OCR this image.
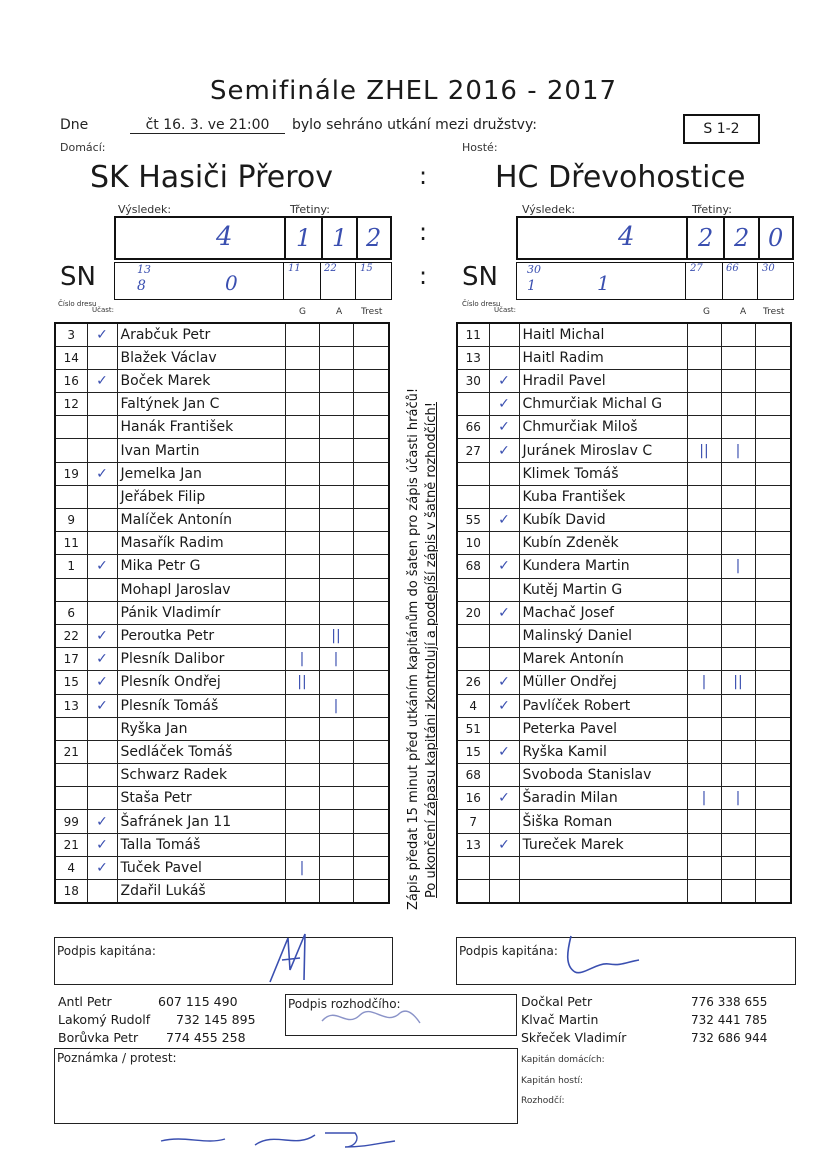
Semifinále ZHEL 2016 - 2017
Dne	čt 16. 3. ve 21:00	bylo sehráno utkání mezi družstvy:	S 1-2
Domácí:	Hosté:
SK Hasiči Přerov	HC Dřevohostice
:
:
:
Výsledek:	Třetiny:
4	1 1 2
SN	13
8	0
11 22 15
Číslo dresu
Účast:	G	A Trest
Výsledek:	Třetiny:
4	2 2 0
SN	30
1	1
27 66 30
Číslo dresu
Účast:	G	A Trest
3	✓	Arabčuk Petr			
14		Blažek Václav			
16	✓	Boček Marek			
12		Faltýnek Jan C			
		Hanák František			
		Ivan Martin			
19	✓	Jemelka Jan			
		Jeřábek Filip			
9		Malíček Antonín			
11		Masařík Radim			
1	✓	Mika Petr G			
		Mohapl Jaroslav			
6		Pánik Vladimír			
22	✓	Peroutka Petr		||	
17	✓	Plesník Dalibor	|	|	
15	✓	Plesník Ondřej	||		
13	✓	Plesník Tomáš		|	
		Ryška Jan			
21		Sedláček Tomáš			
		Schwarz Radek			
		Staša Petr			
99	✓	Šafránek Jan 11			
21	✓	Talla Tomáš			
4	✓	Tuček Pavel	|		
18		Zdařil Lukáš			
11		Haitl Michal			
13		Haitl Radim			
30	✓	Hradil Pavel			
	✓	Chmurčiak Michal G			
66	✓	Chmurčiak Miloš			
27	✓	Juránek Miroslav C	||	|	
		Klimek Tomáš			
		Kuba František			
55	✓	Kubík David			
10		Kubín Zdeněk			
68	✓	Kundera Martin		|	
		Kutěj Martin G			
20	✓	Machač Josef			
		Malinský Daniel			
		Marek Antonín			
26	✓	Müller Ondřej	|	||	
4	✓	Pavlíček Robert			
51		Peterka Pavel			
15	✓	Ryška Kamil			
68		Svoboda Stanislav			
16	✓	Šaradin Milan	|	|	
7		Šiška Roman			
13	✓	Tureček Marek			

Zápis předat 15 minut před utkáním kapitánům do šaten pro zápis účasti hráčů! Po ukončení zápasu kapitáni zkontrolují a podepíší zápis v šatně rozhodčích!
Podpis kapitána:	Podpis kapitána:
Antl Petr	607 115 490
Lakomý Rudolf 732 145 895
Borůvka Petr 774 455 258
Podpis rozhodčího:	Dočkal Petr	776 338 655
Klvač Martin	732 441 785
Skřeček Vladimír	732 686 944
Poznámka / protest:	Kapitán domácích:
Kapitán hostí:
Rozhodčí:
